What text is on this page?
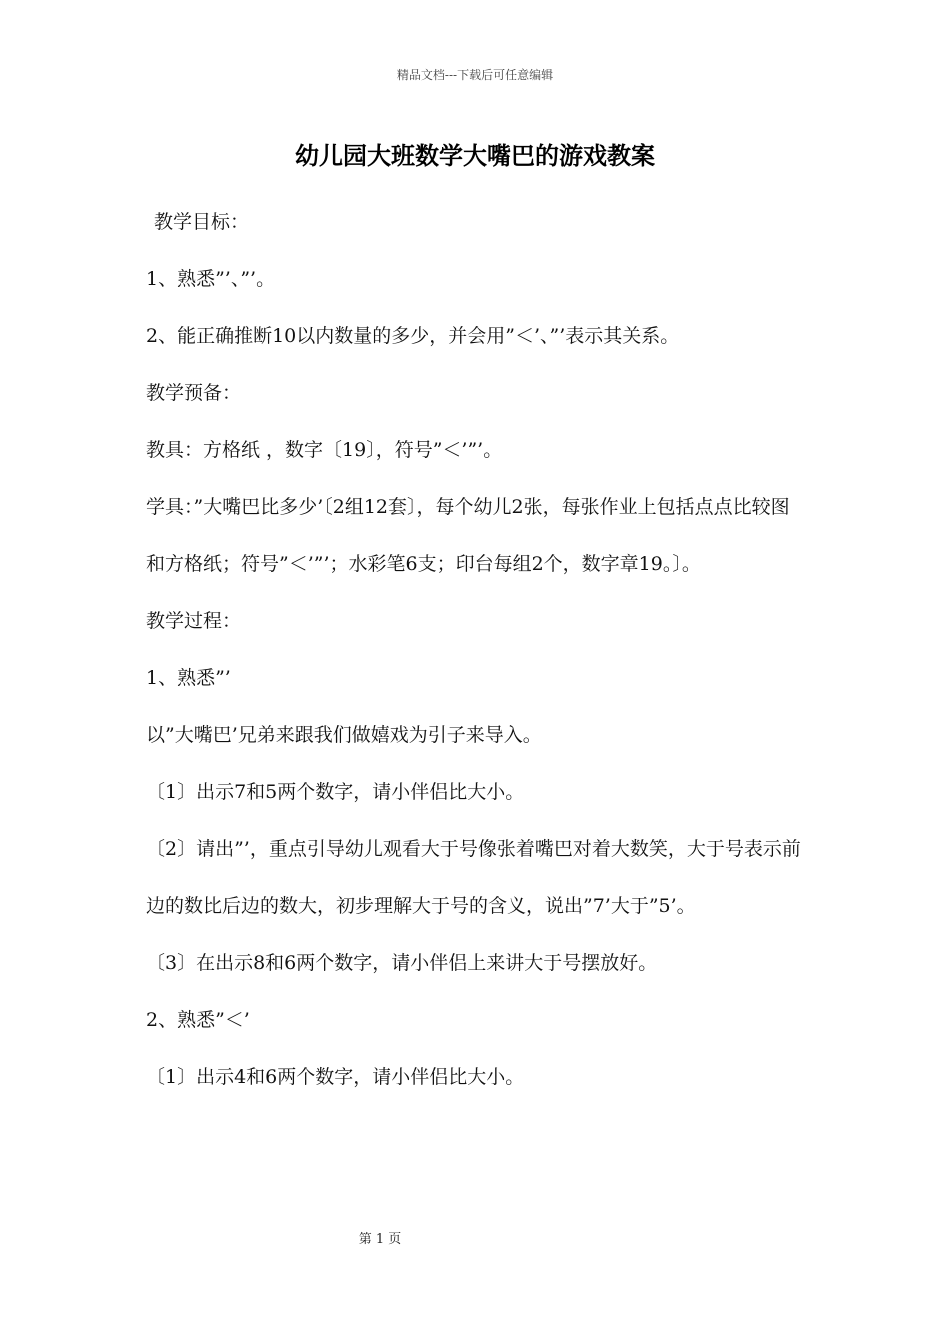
精品文档---下载后可任意编辑
幼儿园大班数学大嘴巴的游戏教案

教学目标：

1、熟悉”’、”’。

2、能正确推断10以内数量的多少，并会用”＜’、”’表示其关系。

教学预备：

教具：方格纸 ，数字〔19〕，符号”＜’”’。

学具：”大嘴巴比多少’〔2组12套〕，每个幼儿2张，每张作业上包括点点比较图和方格纸；符号”＜’”’；水彩笔6支；印台每组2个，数字章19。〕。

教学过程：

1、熟悉”’

以”大嘴巴’兄弟来跟我们做嬉戏为引子来导入。

〔1〕出示7和5两个数字，请小伴侣比大小。

〔2〕请出”’，重点引导幼儿观看大于号像张着嘴巴对着大数笑，大于号表示前边的数比后边的数大，初步理解大于号的含义，说出”7’大于”5’。

〔3〕在出示8和6两个数字，请小伴侣上来讲大于号摆放好。

2、熟悉”＜’

〔1〕出示4和6两个数字，请小伴侣比大小。

第 1 页
